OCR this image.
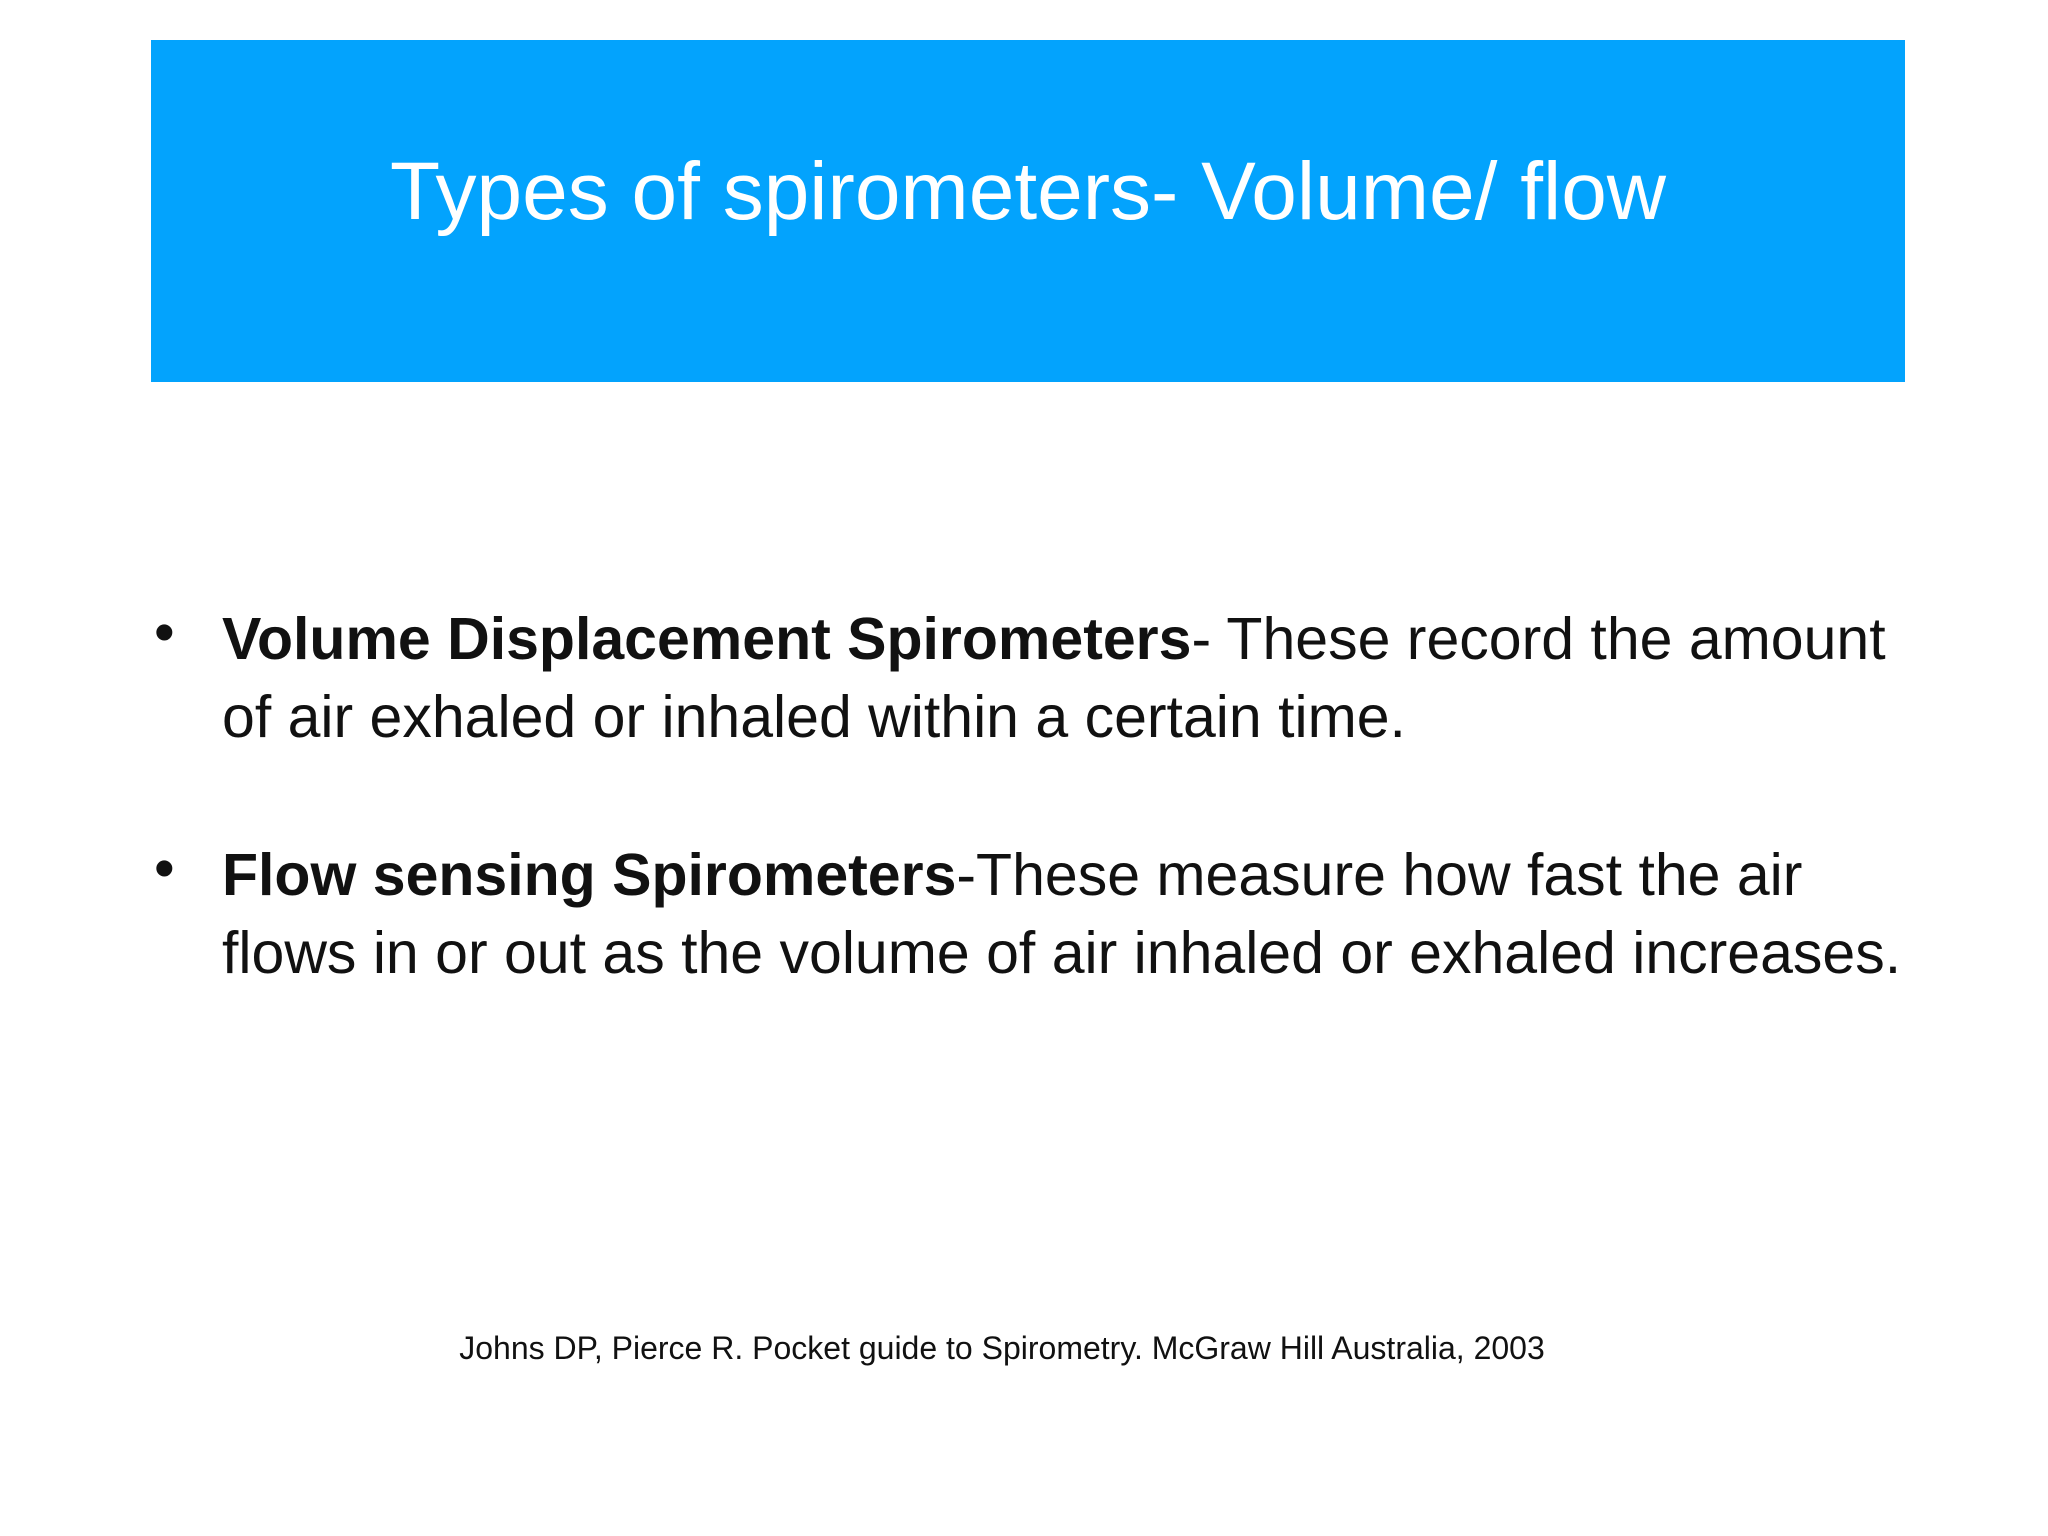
Types of spirometers- Volume/ flow
• Volume Displacement Spirometers- These record the amount of air exhaled or inhaled within a certain time.
• Flow sensing Spirometers-These measure how fast the air flows in or out as the volume of air inhaled or exhaled increases.
Johns DP, Pierce R. Pocket guide to Spirometry. McGraw Hill Australia, 2003
